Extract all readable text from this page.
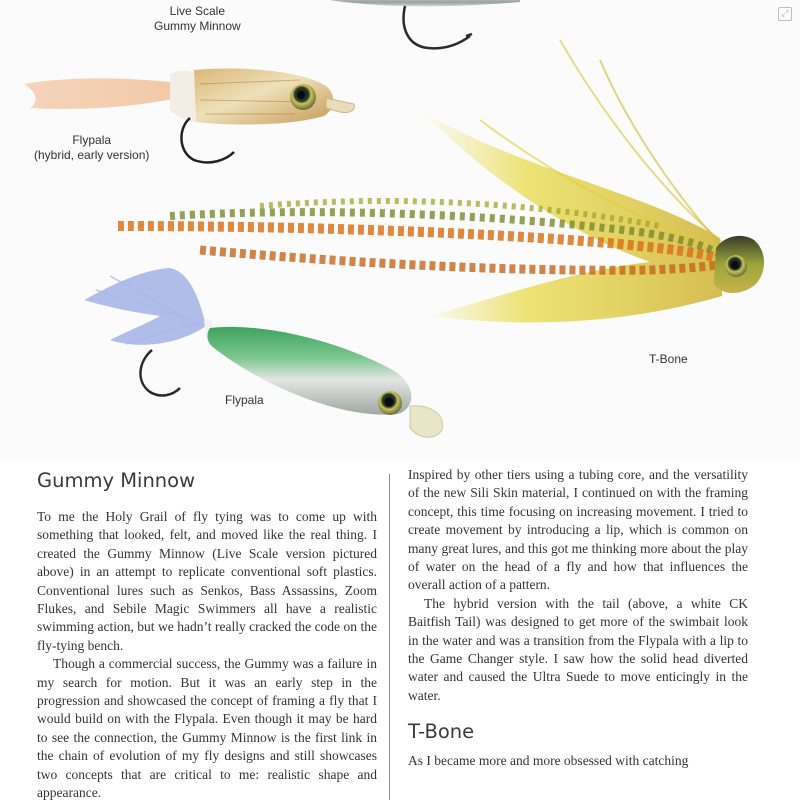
Live Scale
Gummy Minnow
Flypala
(hybrid, early version)
T-Bone
Flypala
⤢
Gummy Minnow

To me the Holy Grail of fly tying was to come up with something that looked, felt, and moved like the real thing. I created the Gummy Minnow (Live Scale version pictured above) in an attempt to replicate conventional soft plastics. Conventional lures such as Senkos, Bass Assassins, Zoom Flukes, and Sebile Magic Swimmers all have a realistic swimming action, but we hadn’t really cracked the code on the fly-tying bench.

Though a commercial success, the Gummy was a failure in my search for motion. But it was an early step in the progression and showcased the concept of framing a fly that I would build on with the Flypala. Even though it may be hard to see the connection, the Gummy Minnow is the first link in the chain of evolution of my fly designs and still showcases two concepts that are critical to me: realistic shape and appearance.

Inspired by other tiers using a tubing core, and the versatility of the new Sili Skin material, I continued on with the framing concept, this time focusing on increasing movement. I tried to create movement by introducing a lip, which is common on many great lures, and this got me thinking more about the play of water on the head of a fly and how that influences the overall action of a pattern.

The hybrid version with the tail (above, a white CK Baitfish Tail) was designed to get more of the swimbait look in the water and was a transition from the Flypala with a lip to the Game Changer style. I saw how the solid head diverted water and caused the Ultra Suede to move enticingly in the water.

T-Bone

As I became more and more obsessed with catching
